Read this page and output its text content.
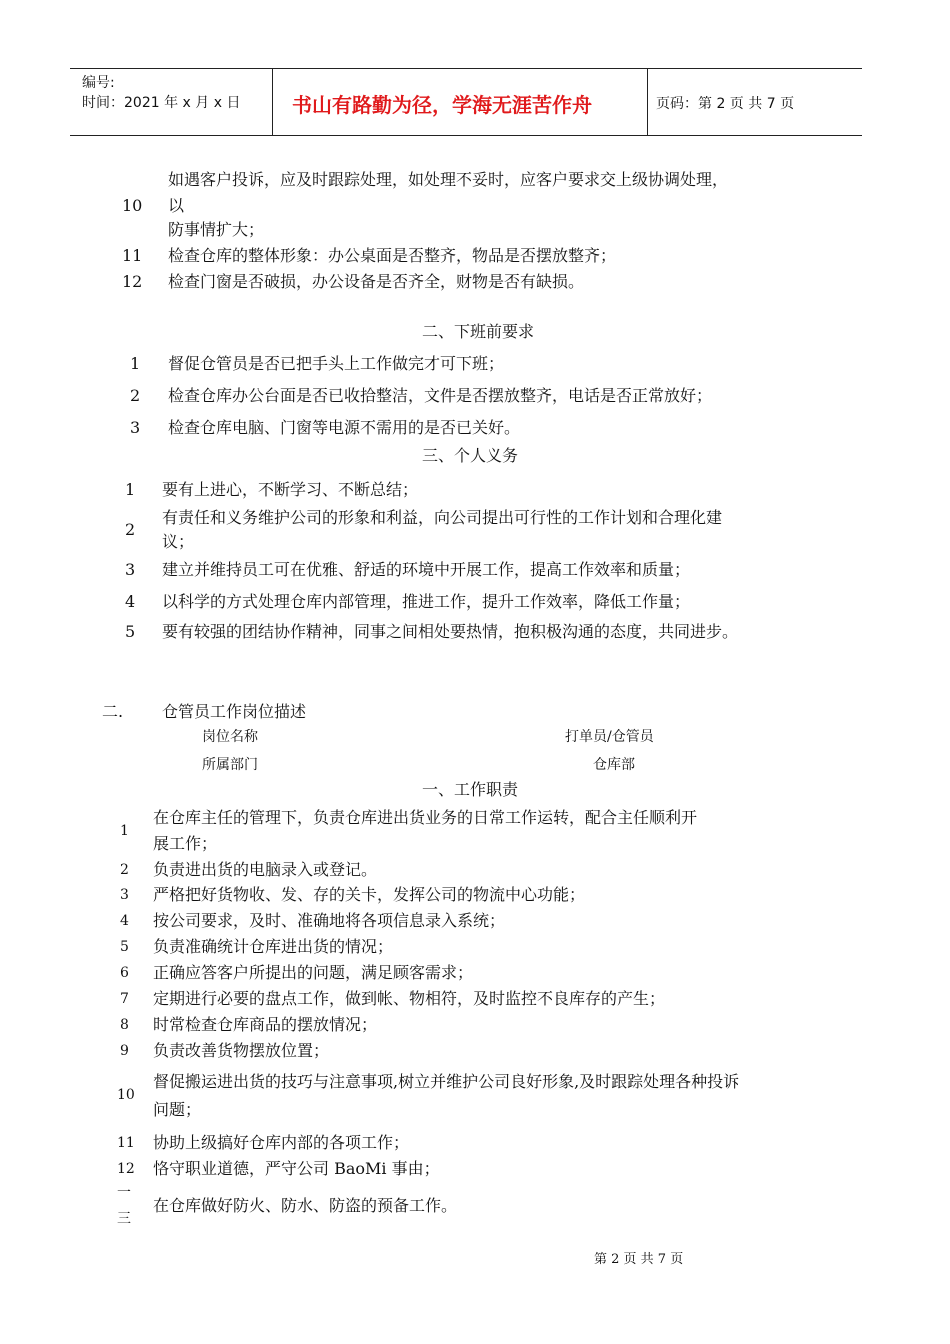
编号:
时间：2021 年 x 月 x 日	书山有路勤为径，学海无涯苦作舟	页码：第 2 页 共 7 页
如遇客户投诉，应及时跟踪处理，如处理不妥时，应客户要求交上级协调处理，
10 以
防事情扩大；
11 检查仓库的整体形象：办公桌面是否整齐，物品是否摆放整齐；
12 检查门窗是否破损，办公设备是否齐全，财物是否有缺损。
二、下班前要求
1 督促仓管员是否已把手头上工作做完才可下班；
2 检查仓库办公台面是否已收拾整洁，文件是否摆放整齐，电话是否正常放好；
3 检查仓库电脑、门窗等电源不需用的是否已关好。
三、个人义务
1 要有上进心，不断学习、不断总结；
有责任和义务维护公司的形象和利益，向公司提出可行性的工作计划和合理化建
2
议；
3 建立并维持员工可在优雅、舒适的环境中开展工作，提高工作效率和质量；
4 以科学的方式处理仓库内部管理，推进工作，提升工作效率，降低工作量；
5 要有较强的团结协作精神，同事之间相处要热情，抱积极沟通的态度，共同进步。
二. 仓管员工作岗位描述
岗位名称	打单员/仓管员
所属部门	仓库部
一、工作职责
在仓库主任的管理下，负责仓库进出货业务的日常工作运转，配合主任顺利开
1
展工作；
2 负责进出货的电脑录入或登记。
3 严格把好货物收、发、存的关卡，发挥公司的物流中心功能；
4 按公司要求，及时、准确地将各项信息录入系统；
5 负责准确统计仓库进出货的情况；
6 正确应答客户所提出的问题，满足顾客需求；
7 定期进行必要的盘点工作，做到帐、物相符，及时监控不良库存的产生；
8 时常检查仓库商品的摆放情况；
9 负责改善货物摆放位置；
督促搬运进出货的技巧与注意事项,树立并维护公司良好形象,及时跟踪处理各种投诉
10
问题；
11 协助上级搞好仓库内部的各项工作；
12 恪守职业道德，严守公司 BaoMi 事由；
一
三
在仓库做好防火、防水、防盗的预备工作。
第 2 页 共 7 页
